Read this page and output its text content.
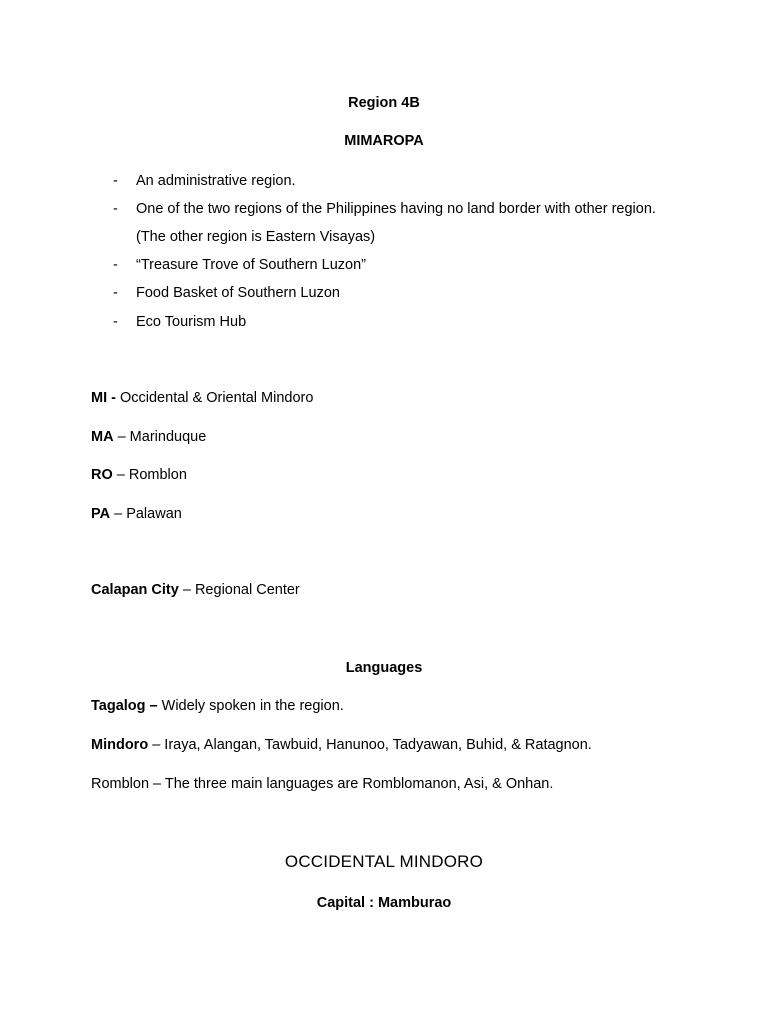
Region 4B
MIMAROPA
- An administrative region.
- One of the two regions of the Philippines having no land border with other region.
(The other region is Eastern Visayas)
- “Treasure Trove of Southern Luzon”
- Food Basket of Southern Luzon
- Eco Tourism Hub
MI - Occidental & Oriental Mindoro
MA – Marinduque
RO – Romblon
PA – Palawan
Calapan City – Regional Center
Languages
Tagalog – Widely spoken in the region.
Mindoro – Iraya, Alangan, Tawbuid, Hanunoo, Tadyawan, Buhid, & Ratagnon.
Romblon – The three main languages are Romblomanon, Asi, & Onhan.
OCCIDENTAL MINDORO
Capital : Mamburao
